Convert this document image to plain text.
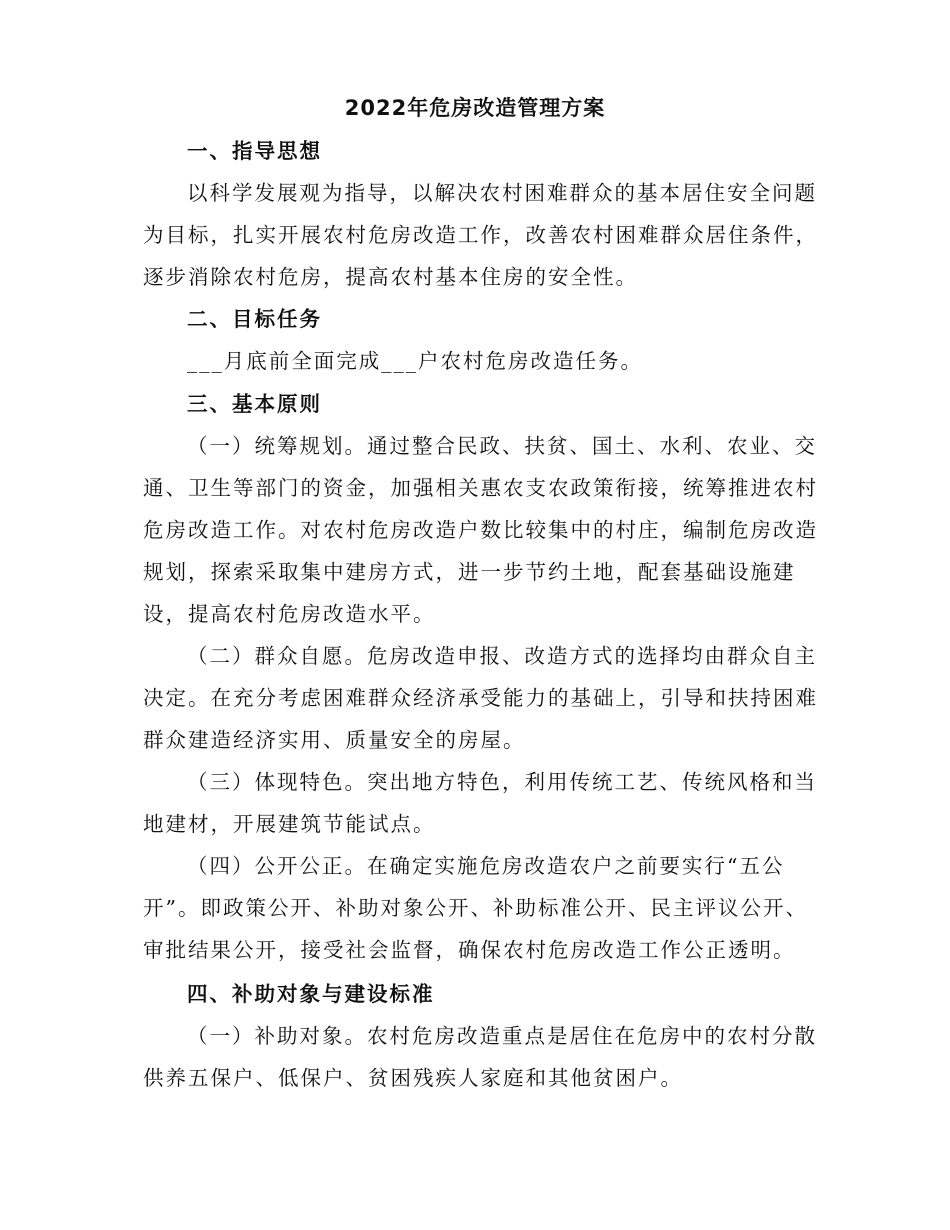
2022年危房改造管理方案
一、指导思想
以科学发展观为指导，以解决农村困难群众的基本居住安全问题
为目标，扎实开展农村危房改造工作，改善农村困难群众居住条件，
逐步消除农村危房，提高农村基本住房的安全性。
二、目标任务
___月底前全面完成___户农村危房改造任务。
三、基本原则
（一）统筹规划。通过整合民政、扶贫、国土、水利、农业、交
通、卫生等部门的资金，加强相关惠农支农政策衔接，统筹推进农村
危房改造工作。对农村危房改造户数比较集中的村庄，编制危房改造
规划，探索采取集中建房方式，进一步节约土地，配套基础设施建
设，提高农村危房改造水平。
（二）群众自愿。危房改造申报、改造方式的选择均由群众自主
决定。在充分考虑困难群众经济承受能力的基础上，引导和扶持困难
群众建造经济实用、质量安全的房屋。
（三）体现特色。突出地方特色，利用传统工艺、传统风格和当
地建材，开展建筑节能试点。
（四）公开公正。在确定实施危房改造农户之前要实行“五公
开”。即政策公开、补助对象公开、补助标准公开、民主评议公开、
审批结果公开，接受社会监督，确保农村危房改造工作公正透明。
四、补助对象与建设标准
（一）补助对象。农村危房改造重点是居住在危房中的农村分散
供养五保户、低保户、贫困残疾人家庭和其他贫困户。
